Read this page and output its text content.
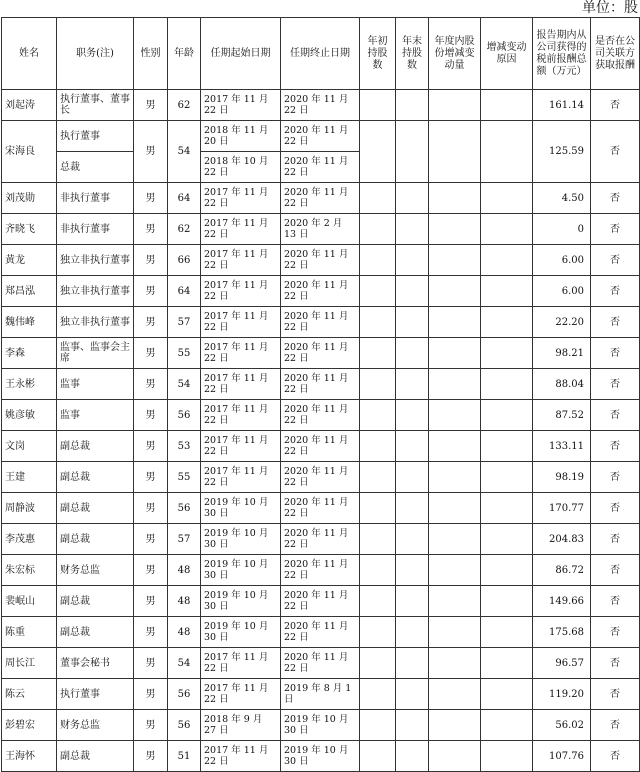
单位：股
姓名	职务(注)	性别	年龄	任期起始日期	任期终止日期	年初持股数	年末持股数	年度内股份增减变动量	增减变动原因	报告期内从公司获得的税前报酬总额（万元）	是否在公司关联方获取报酬
刘起涛	执行董事、董事长	男	62	2017 年 11 月 22 日	2020 年 11 月 22 日					161.14	否
宋海良	执行董事	男	54	2018 年 11 月 20 日	2020 年 11 月 22 日					125.59	否
	总裁			2018 年 10 月 22 日	2020 年 11 月 22 日						
刘茂勋	非执行董事	男	64	2017 年 11 月 22 日	2020 年 11 月 22 日					4.50	否
齐晓飞	非执行董事	男	62	2017 年 11 月 22 日	2020 年 2 月 13 日					0	否
黄龙	独立非执行董事	男	66	2017 年 11 月 22 日	2020 年 11 月 22 日					6.00	否
郑昌泓	独立非执行董事	男	64	2017 年 11 月 22 日	2020 年 11 月 22 日					6.00	否
魏伟峰	独立非执行董事	男	57	2017 年 11 月 22 日	2020 年 11 月 22 日					22.20	否
李森	监事、监事会主席	男	55	2017 年 11 月 22 日	2020 年 11 月 22 日					98.21	否
王永彬	监事	男	54	2017 年 11 月 22 日	2020 年 11 月 22 日					88.04	否
姚彦敏	监事	男	56	2017 年 11 月 22 日	2020 年 11 月 22 日					87.52	否
文岗	副总裁	男	53	2017 年 11 月 22 日	2020 年 11 月 22 日					133.11	否
王建	副总裁	男	55	2017 年 11 月 22 日	2020 年 11 月 22 日					98.19	否
周静波	副总裁	男	56	2019 年 10 月 30 日	2020 年 11 月 22 日					170.77	否
李茂惠	副总裁	男	57	2019 年 10 月 30 日	2020 年 11 月 22 日					204.83	否
朱宏标	财务总监	男	48	2019 年 10 月 30 日	2020 年 11 月 22 日					86.72	否
裴岷山	副总裁	男	48	2019 年 10 月 30 日	2020 年 11 月 22 日					149.66	否
陈重	副总裁	男	48	2019 年 10 月 30 日	2020 年 11 月 22 日					175.68	否
周长江	董事会秘书	男	54	2017 年 11 月 22 日	2020 年 11 月 22 日					96.57	否
陈云	执行董事	男	56	2017 年 11 月 22 日	2019 年 8 月 1 日					119.20	否
彭碧宏	财务总监	男	56	2018 年 9 月 27 日	2019 年 10 月 30 日					56.02	否
王海怀	副总裁	男	51	2017 年 11 月 22 日	2019 年 10 月 30 日					107.76	否
